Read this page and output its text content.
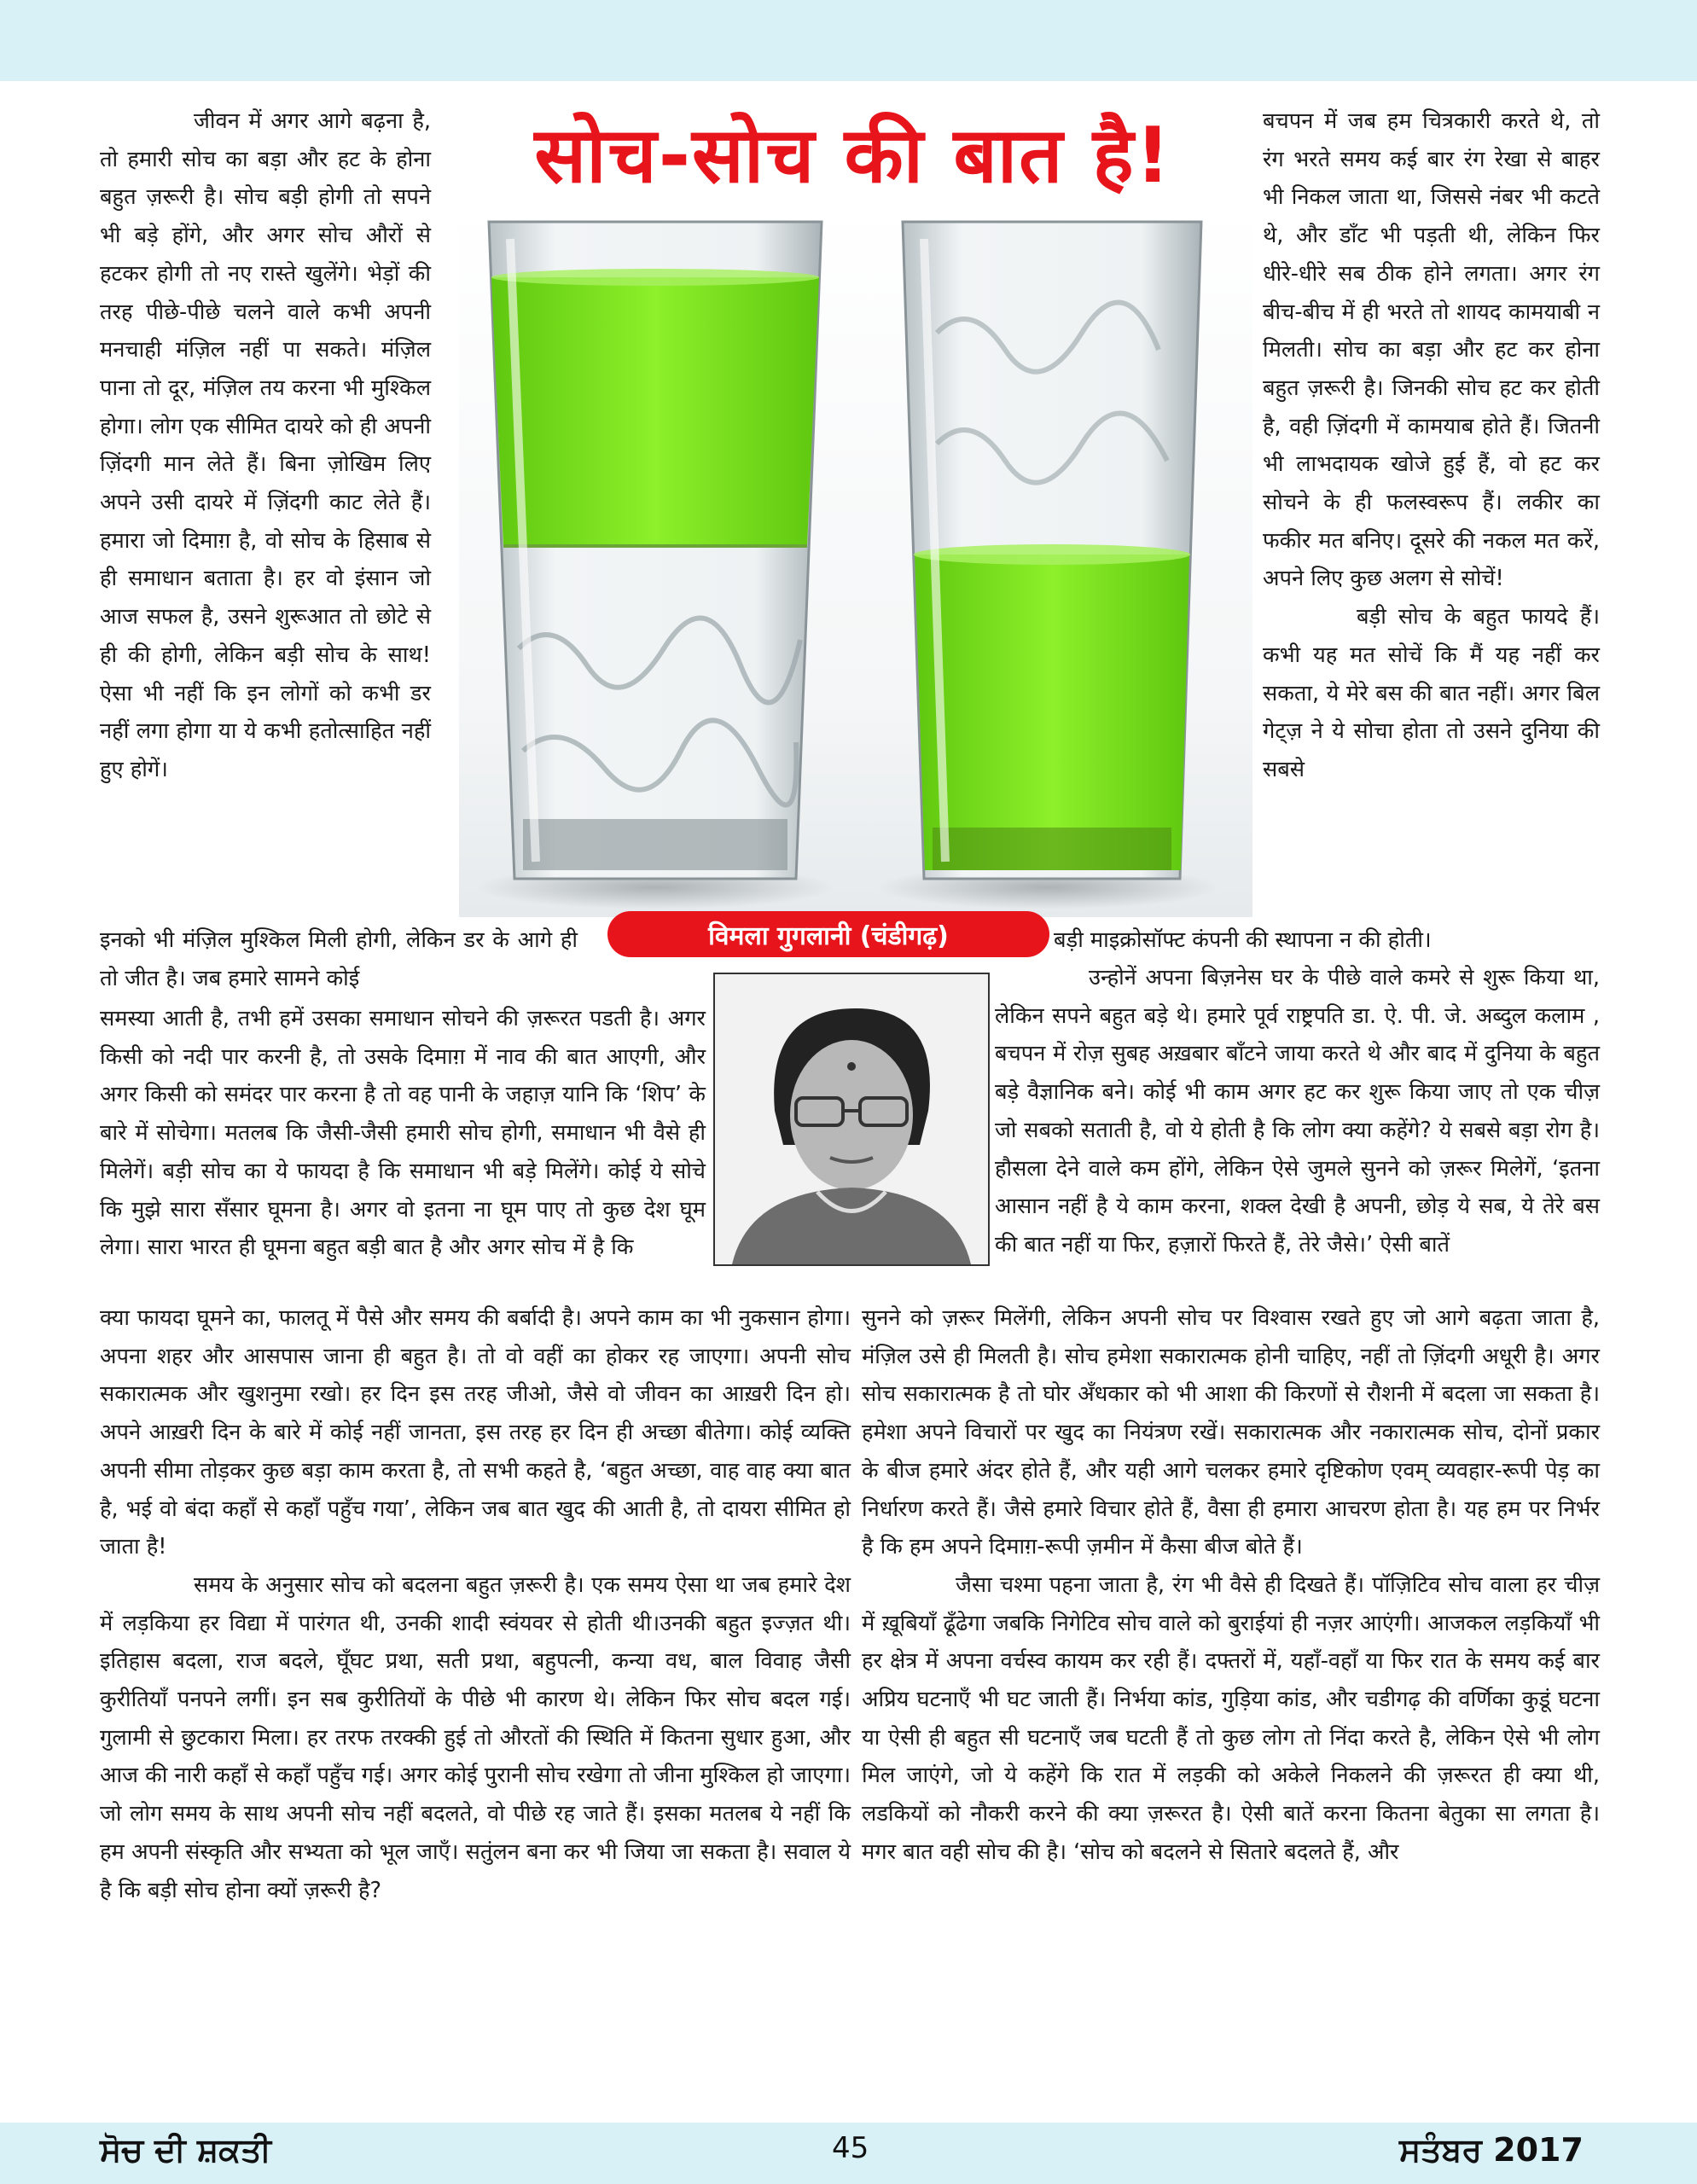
सोच-सोच की बात है!
विमला गुगलानी (चंडीगढ़)

जीवन में अगर आगे बढ़ना है, तो हमारी सोच का बड़ा और हट के होना बहुत ज़रूरी है। सोच बड़ी होगी तो सपने भी बड़े होंगे, और अगर सोच औरों से हटकर होगी तो नए रास्ते खुलेंगे। भेड़ों की तरह पीछे-पीछे चलने वाले कभी अपनी मनचाही मंज़िल नहीं पा सकते। मंज़िल पाना तो दूर, मंज़िल तय करना भी मुश्किल होगा। लोग एक सीमित दायरे को ही अपनी ज़िंदगी मान लेते हैं। बिना ज़ोखिम लिए अपने उसी दायरे में ज़िंदगी काट लेते हैं। हमारा जो दिमाग़ है, वो सोच के हिसाब से ही समाधान बताता है। हर वो इंसान जो आज सफल है, उसने शुरूआत तो छोटे से ही की होगी, लेकिन बड़ी सोच के साथ! ऐसा भी नहीं कि इन लोगों को कभी डर नहीं लगा होगा या ये कभी हतोत्साहित नहीं हुए होगें।

इनको भी मंज़िल मुश्किल मिली होगी, लेकिन डर के आगे ही तो जीत है। जब हमारे सामने कोई

समस्या आती है, तभी हमें उसका समाधान सोचने की ज़रूरत पडती है। अगर किसी को नदी पार करनी है, तो उसके दिमाग़ में नाव की बात आएगी, और अगर किसी को समंदर पार करना है तो वह पानी के जहाज़ यानि कि ‘शिप’ के बारे में सोचेगा। मतलब कि जैसी-जैसी हमारी सोच होगी, समाधान भी वैसे ही मिलेगें। बड़ी सोच का ये फायदा है कि समाधान भी बड़े मिलेंगे। कोई ये सोचे कि मुझे सारा सँसार घूमना है। अगर वो इतना ना घूम पाए तो कुछ देश घूम लेगा। सारा भारत ही घूमना बहुत बड़ी बात है और अगर सोच में है कि

क्या फायदा घूमने का, फालतू में पैसे और समय की बर्बादी है। अपने काम का भी नुकसान होगा। अपना शहर और आसपास जाना ही बहुत है। तो वो वहीं का होकर रह जाएगा। अपनी सोच सकारात्मक और खुशनुमा रखो। हर दिन इस तरह जीओ, जैसे वो जीवन का आख़री दिन हो। अपने आख़री दिन के बारे में कोई नहीं जानता, इस तरह हर दिन ही अच्छा बीतेगा। कोई व्यक्ति अपनी सीमा तोड़कर कुछ बड़ा काम करता है, तो सभी कहते है, ‘बहुत अच्छा, वाह वाह क्या बात है, भई वो बंदा कहाँ से कहाँ पहुँच गया’, लेकिन जब बात खुद की आती है, तो दायरा सीमित हो जाता है!

समय के अनुसार सोच को बदलना बहुत ज़रूरी है। एक समय ऐसा था जब हमारे देश में लड़किया हर विद्या में पारंगत थी, उनकी शादी स्वंयवर से होती थी।उनकी बहुत इज्ज़त थी। इतिहास बदला, राज बदले, घूँघट प्रथा, सती प्रथा, बहुपत्नी, कन्या वध, बाल विवाह जैसी कुरीतियाँ पनपने लगीं। इन सब कुरीतियों के पीछे भी कारण थे। लेकिन फिर सोच बदल गई। गुलामी से छुटकारा मिला। हर तरफ तरक्की हुई तो औरतों की स्थिति में कितना सुधार हुआ, और आज की नारी कहाँ से कहाँ पहुँच गई। अगर कोई पुरानी सोच रखेगा तो जीना मुश्किल हो जाएगा। जो लोग समय के साथ अपनी सोच नहीं बदलते, वो पीछे रह जाते हैं। इसका मतलब ये नहीं कि हम अपनी संस्कृति और सभ्यता को भूल जाएँ। सतुंलन बना कर भी जिया जा सकता है। सवाल ये है कि बड़ी सोच होना क्यों ज़रूरी है?

बचपन में जब हम चित्रकारी करते थे, तो रंग भरते समय कई बार रंग रेखा से बाहर भी निकल जाता था, जिससे नंबर भी कटते थे, और डाँट भी पड़ती थी, लेकिन फिर धीरे-धीरे सब ठीक होने लगता। अगर रंग बीच-बीच में ही भरते तो शायद कामयाबी न मिलती। सोच का बड़ा और हट कर होना बहुत ज़रूरी है। जिनकी सोच हट कर होती है, वही ज़िंदगी में कामयाब होते हैं। जितनी भी लाभदायक खोजे हुई हैं, वो हट कर सोचने के ही फलस्वरूप हैं। लकीर का फकीर मत बनिए। दूसरे की नकल मत करें, अपने लिए कुछ अलग से सोचें!

बड़ी सोच के बहुत फायदे हैं। कभी यह मत सोचें कि मैं यह नहीं कर सकता, ये मेरे बस की बात नहीं। अगर बिल गेट्ज़ ने ये सोचा होता तो उसने दुनिया की सबसे

बड़ी माइक्रोसॉफ्ट कंपनी की स्थापना न की होती।

उन्होनें अपना बिज़नेस घर के पीछे वाले कमरे से शुरू किया था, लेकिन सपने बहुत बड़े थे। हमारे पूर्व राष्ट्रपति डा. ऐ. पी. जे. अब्दुल कलाम , बचपन में रोज़ सुबह अख़बार बाँटने जाया करते थे और बाद में दुनिया के बहुत बड़े वैज्ञानिक बने। कोई भी काम अगर हट कर शुरू किया जाए तो एक चीज़ जो सबको सताती है, वो ये होती है कि लोग क्या कहेंगे? ये सबसे बड़ा रोग है। हौसला देने वाले कम होंगे, लेकिन ऐसे जुमले सुनने को ज़रूर मिलेगें, ‘इतना आसान नहीं है ये काम करना, शक्ल देखी है अपनी, छोड़ ये सब, ये तेरे बस की बात नहीं या फिर, हज़ारों फिरते हैं, तेरे जैसे।’ ऐसी बातें

सुनने को ज़रूर मिलेंगी, लेकिन अपनी सोच पर विश्वास रखते हुए जो आगे बढ़ता जाता है, मंज़िल उसे ही मिलती है। सोच हमेशा सकारात्मक होनी चाहिए, नहीं तो ज़िंदगी अधूरी है। अगर सोच सकारात्मक है तो घोर अँधकार को भी आशा की किरणों से रौशनी में बदला जा सकता है। हमेशा अपने विचारों पर खुद का नियंत्रण रखें। सकारात्मक और नकारात्मक सोच, दोनों प्रकार के बीज हमारे अंदर होते हैं, और यही आगे चलकर हमारे दृष्टिकोण एवम् व्यवहार-रूपी पेड़ का निर्धारण करते हैं। जैसे हमारे विचार होते हैं, वैसा ही हमारा आचरण होता है। यह हम पर निर्भर है कि हम अपने दिमाग़-रूपी ज़मीन में कैसा बीज बोते हैं।

जैसा चश्मा पहना जाता है, रंग भी वैसे ही दिखते हैं। पॉज़िटिव सोच वाला हर चीज़ में ख़ूबियाँ ढूँढेगा जबकि निगेटिव सोच वाले को बुराईयां ही नज़र आएंगी। आजकल लड़कियाँ भी हर क्षेत्र में अपना वर्चस्व कायम कर रही हैं। दफ्तरों में, यहाँ-वहाँ या फिर रात के समय कई बार अप्रिय घटनाएँ भी घट जाती हैं। निर्भया कांड, गुड़िया कांड, और चडीगढ़ की वर्णिका कुडूं घटना या ऐसी ही बहुत सी घटनाएँ जब घटती हैं तो कुछ लोग तो निंदा करते है, लेकिन ऐसे भी लोग मिल जाएंगे, जो ये कहेंगे कि रात में लड़की को अकेले निकलने की ज़रूरत ही क्या थी, लडकियों को नौकरी करने की क्या ज़रूरत है। ऐसी बातें करना कितना बेतुका सा लगता है। मगर बात वही सोच की है। ‘सोच को बदलने से सितारे बदलते हैं, और

ਸੋਚ ਦੀ ਸ਼ਕਤੀ	45	ਸਤੰਬਰ 2017
